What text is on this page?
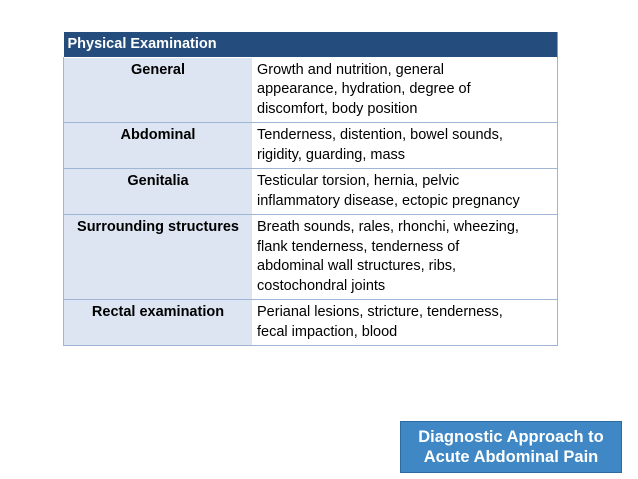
Physical Examination	
General	Growth and nutrition, general
appearance, hydration, degree of
discomfort, body position

Abdominal	Tenderness, distention, bowel sounds,
rigidity, guarding, mass

Genitalia	Testicular torsion, hernia, pelvic
inflammatory disease, ectopic pregnancy

Surrounding structures	Breath sounds, rales, rhonchi, wheezing,
flank tenderness, tenderness of
abdominal wall structures, ribs,
costochondral joints

Rectal examination	Perianal lesions, stricture, tenderness,
fecal impaction, blood
Diagnostic Approach to
Acute Abdominal Pain
